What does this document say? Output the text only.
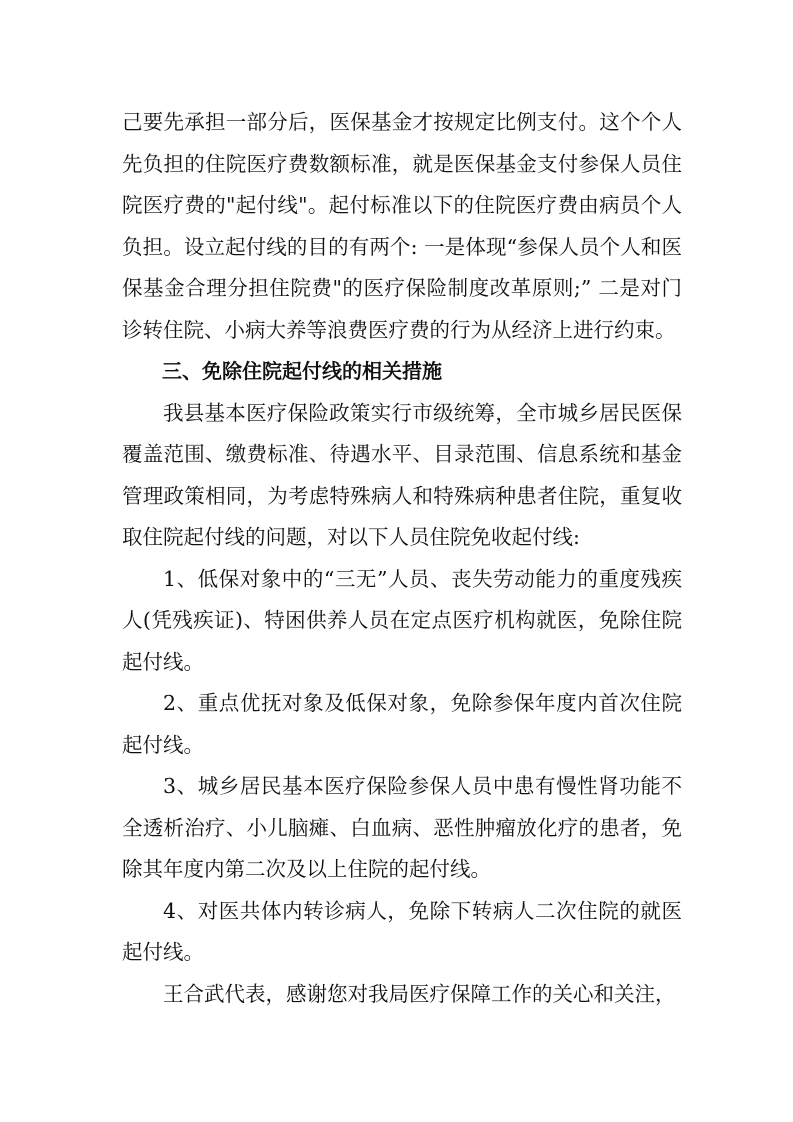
己要先承担一部分后，医保基金才按规定比例支付。这个个人先负担的住院医疗费数额标准，就是医保基金支付参保人员住院医疗费的"起付线"。起付标准以下的住院医疗费由病员个人负担。设立起付线的目的有两个: 一是体现“参保人员个人和医保基金合理分担住院费"的医疗保险制度改革原则;” 二是对门诊转住院、小病大养等浪费医疗费的行为从经济上进行约束。

三、免除住院起付线的相关措施

我县基本医疗保险政策实行市级统筹，全市城乡居民医保覆盖范围、缴费标准、待遇水平、目录范围、信息系统和基金管理政策相同，为考虑特殊病人和特殊病种患者住院，重复收取住院起付线的问题，对以下人员住院免收起付线:

1、低保对象中的“三无”人员、丧失劳动能力的重度残疾人(凭残疾证)、特困供养人员在定点医疗机构就医，免除住院起付线。

2、重点优抚对象及低保对象，免除参保年度内首次住院起付线。

3、城乡居民基本医疗保险参保人员中患有慢性肾功能不全透析治疗、小儿脑瘫、白血病、恶性肿瘤放化疗的患者，免除其年度内第二次及以上住院的起付线。

4、对医共体内转诊病人，免除下转病人二次住院的就医起付线。

王合武代表，感谢您对我局医疗保障工作的关心和关注，
